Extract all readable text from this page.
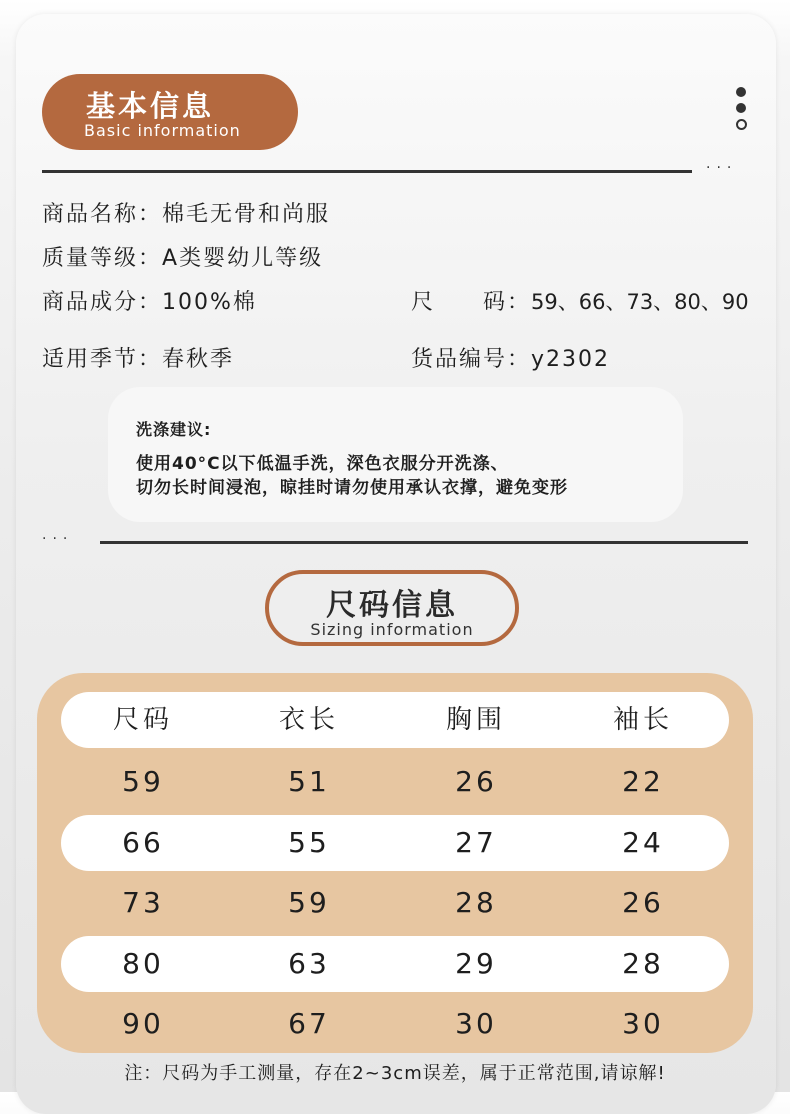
基本信息
Basic information
···
商品名称：棉毛无骨和尚服
质量等级：A类婴幼儿等级
商品成分：100%棉	尺　　码：59、66、73、80、90
适用季节：春秋季	货品编号：y2302
洗涤建议:
使用40°C以下低温手洗，深色衣服分开洗涤、
切勿长时间浸泡，晾挂时请勿使用承认衣撑，避免变形
···
尺码信息
Sizing information
尺码	衣长	胸围	袖长
59	51	26	22
66	55	27	24
73	59	28	26
80	63	29	28
90	67	30	30
注：尺码为手工测量，存在2~3cm误差，属于正常范围,请谅解!
